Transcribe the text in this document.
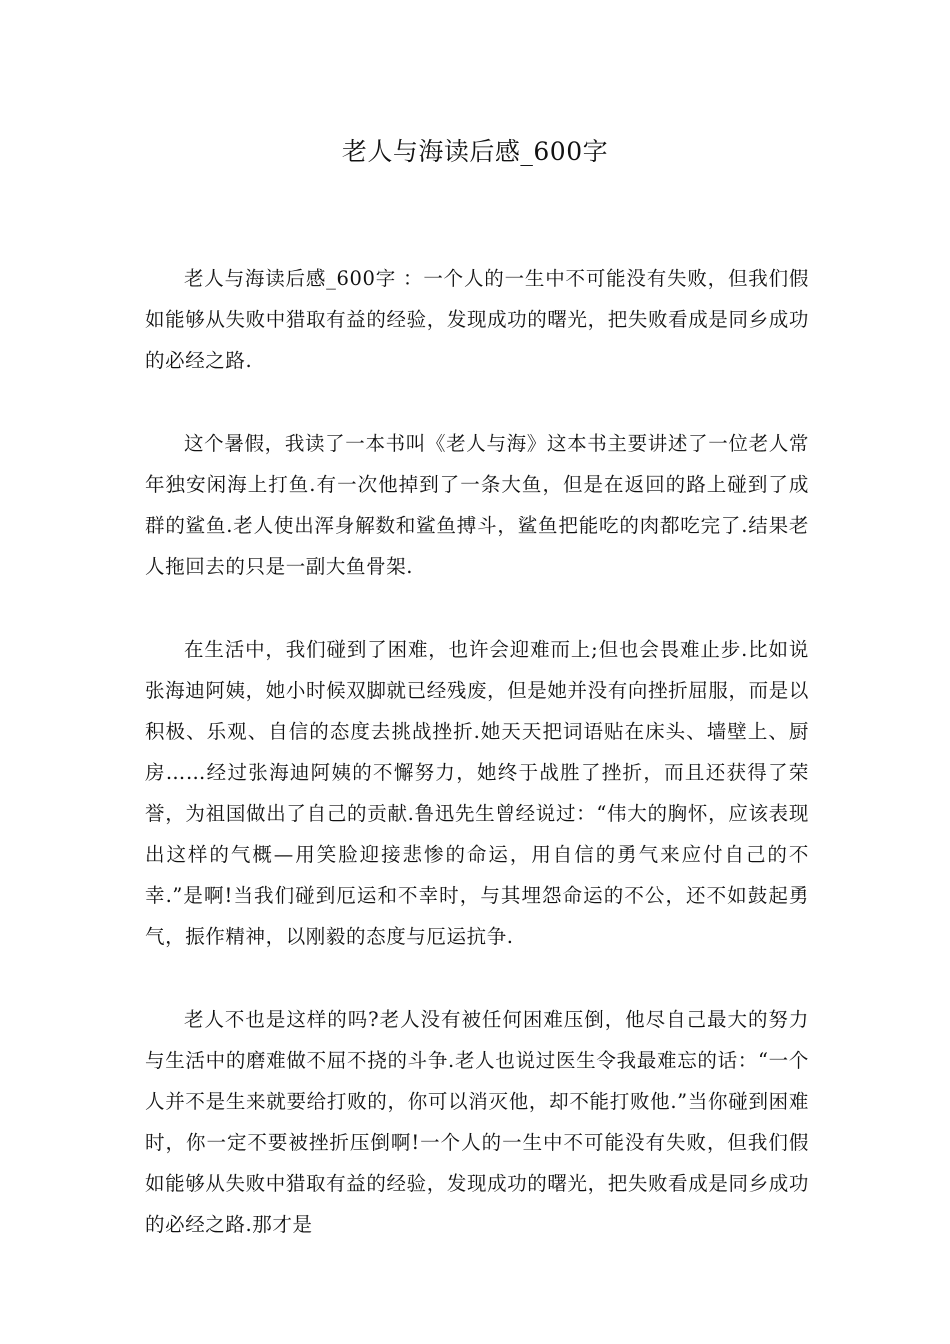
老人与海读后感_600字

老人与海读后感_600字 ：一个人的一生中不可能没有失败，但我们假如能够从失败中猎取有益的经验，发现成功的曙光，把失败看成是同乡成功的必经之路.

这个暑假，我读了一本书叫《老人与海》这本书主要讲述了一位老人常年独安闲海上打鱼.有一次他掉到了一条大鱼，但是在返回的路上碰到了成群的鲨鱼.老人使出浑身解数和鲨鱼搏斗，鲨鱼把能吃的肉都吃完了.结果老人拖回去的只是一副大鱼骨架.

在生活中，我们碰到了困难，也许会迎难而上;但也会畏难止步.比如说张海迪阿姨，她小时候双脚就已经残废，但是她并没有向挫折屈服，而是以积极、乐观、自信的态度去挑战挫折.她天天把词语贴在床头、墙壁上、厨房……经过张海迪阿姨的不懈努力，她终于战胜了挫折，而且还获得了荣誉，为祖国做出了自己的贡献.鲁迅先生曾经说过：“伟大的胸怀，应该表现出这样的气概—用笑脸迎接悲惨的命运，用自信的勇气来应付自己的不幸.”是啊!当我们碰到厄运和不幸时，与其埋怨命运的不公，还不如鼓起勇气，振作精神，以刚毅的态度与厄运抗争.

老人不也是这样的吗?老人没有被任何困难压倒，他尽自己最大的努力与生活中的磨难做不屈不挠的斗争.老人也说过医生令我最难忘的话：“一个人并不是生来就要给打败的，你可以消灭他，却不能打败他.”当你碰到困难时，你一定不要被挫折压倒啊!一个人的一生中不可能没有失败，但我们假如能够从失败中猎取有益的经验，发现成功的曙光，把失败看成是同乡成功的必经之路.那才是
